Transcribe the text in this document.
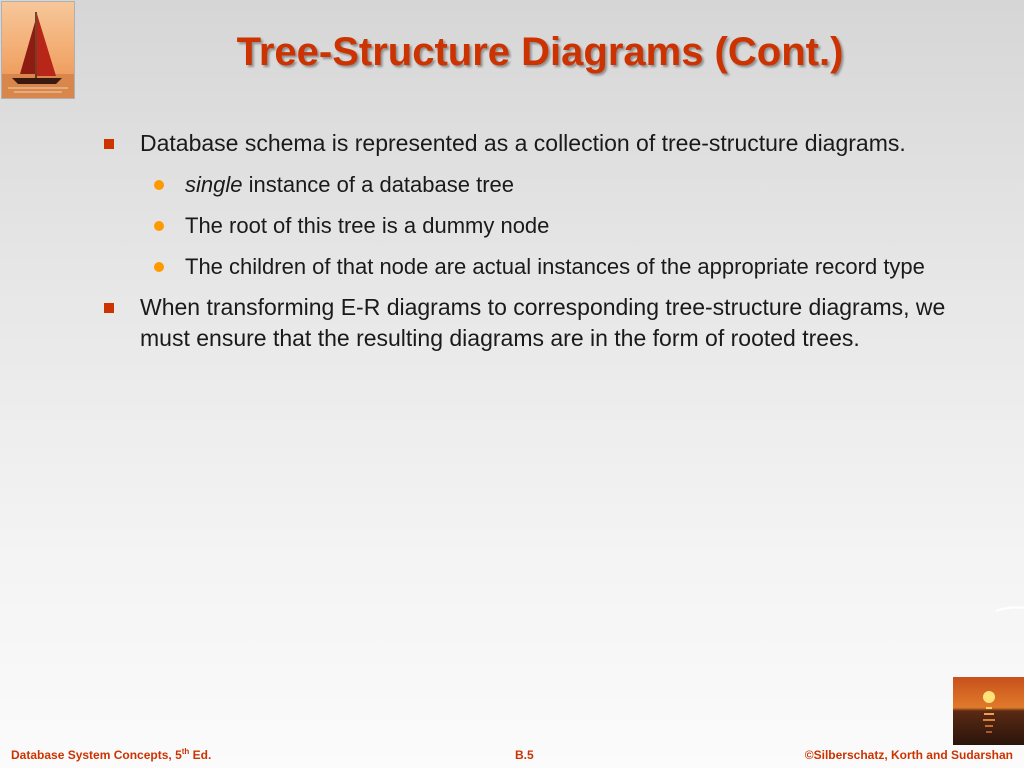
Tree-Structure Diagrams (Cont.)
Database schema is represented as a collection of tree-structure diagrams.
single instance of a database tree
The root of this tree is a dummy node
The children of that node are actual instances of the appropriate record type
When transforming E-R diagrams to corresponding tree-structure diagrams, we must ensure that the resulting diagrams are in the form of rooted trees.
Database System Concepts, 5th Ed.	B.5	©Silberschatz, Korth and Sudarshan
